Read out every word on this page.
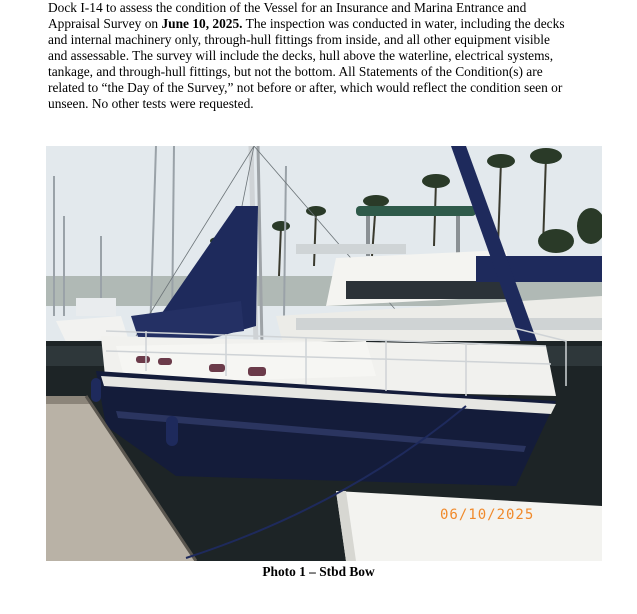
Dock I-14 to assess the condition of the Vessel for an Insurance and Marina Entrance and
Appraisal Survey on June 10, 2025. The inspection was conducted in water, including the decks
and internal machinery only, through-hull fittings from inside, and all other equipment visible
and assessable. The survey will include the decks, hull above the waterline, electrical systems,
tankage, and through-hull fittings, but not the bottom. All Statements of the Condition(s) are
related to “the Day of the Survey,” not before or after, which would reflect the condition seen or
unseen. No other tests were requested.
06/10/2025
Photo 1 – Stbd Bow
